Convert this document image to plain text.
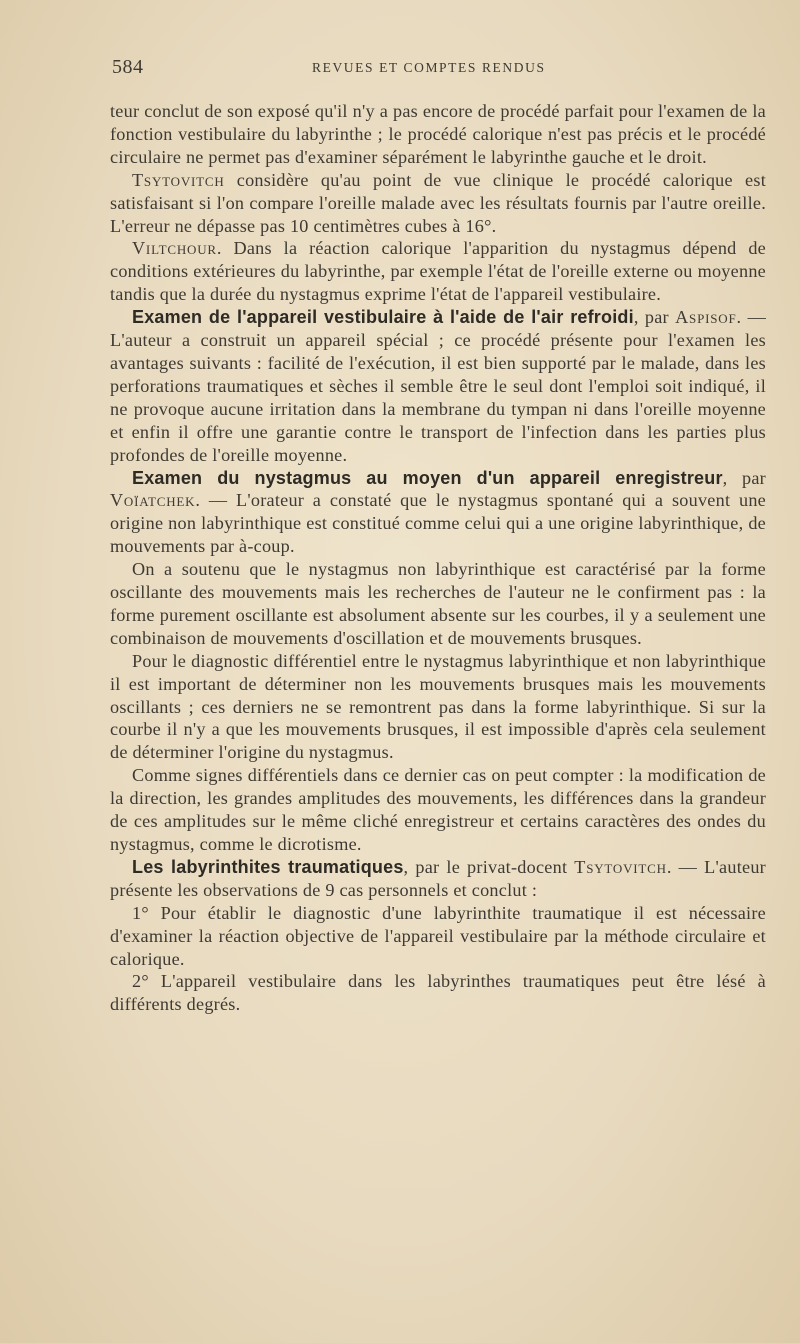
584	REVUES ET COMPTES RENDUS

teur conclut de son exposé qu'il n'y a pas encore de procédé parfait pour l'examen de la fonction vestibulaire du labyrinthe ; le procédé calorique n'est pas précis et le procédé circulaire ne permet pas d'examiner séparément le labyrinthe gauche et le droit.

Tsytovitch considère qu'au point de vue clinique le procédé calorique est satisfaisant si l'on compare l'oreille malade avec les résultats fournis par l'autre oreille. L'erreur ne dépasse pas 10 centimètres cubes à 16°.

Viltchour. Dans la réaction calorique l'apparition du nystagmus dépend de conditions extérieures du labyrinthe, par exemple l'état de l'oreille externe ou moyenne tandis que la durée du nystagmus exprime l'état de l'appareil vestibulaire.

Examen de l'appareil vestibulaire à l'aide de l'air refroidi, par Aspisof. — L'auteur a construit un appareil spécial ; ce procédé présente pour l'examen les avantages suivants : facilité de l'exécution, il est bien supporté par le malade, dans les perforations traumatiques et sèches il semble être le seul dont l'emploi soit indiqué, il ne provoque aucune irritation dans la membrane du tympan ni dans l'oreille moyenne et enfin il offre une garantie contre le transport de l'infection dans les parties plus profondes de l'oreille moyenne.

Examen du nystagmus au moyen d'un appareil enregistreur, par Voïatchek. — L'orateur a constaté que le nystagmus spontané qui a souvent une origine non labyrinthique est constitué comme celui qui a une origine labyrinthique, de mouvements par à-coup.

On a soutenu que le nystagmus non labyrinthique est caractérisé par la forme oscillante des mouvements mais les recherches de l'auteur ne le confirment pas : la forme purement oscillante est absolument absente sur les courbes, il y a seulement une combinaison de mouvements d'oscillation et de mouvements brusques.

Pour le diagnostic différentiel entre le nystagmus labyrinthique et non labyrinthique il est important de déterminer non les mouvements brusques mais les mouvements oscillants ; ces derniers ne se remontrent pas dans la forme labyrinthique. Si sur la courbe il n'y a que les mouvements brusques, il est impossible d'après cela seulement de déterminer l'origine du nystagmus.

Comme signes différentiels dans ce dernier cas on peut compter : la modification de la direction, les grandes amplitudes des mouvements, les différences dans la grandeur de ces amplitudes sur le même cliché enregistreur et certains caractères des ondes du nystagmus, comme le dicrotisme.

Les labyrinthites traumatiques, par le privat-docent Tsytovitch. — L'auteur présente les observations de 9 cas personnels et conclut :

1° Pour établir le diagnostic d'une labyrinthite traumatique il est nécessaire d'examiner la réaction objective de l'appareil vestibulaire par la méthode circulaire et calorique.

2° L'appareil vestibulaire dans les labyrinthes traumatiques peut être lésé à différents degrés.
